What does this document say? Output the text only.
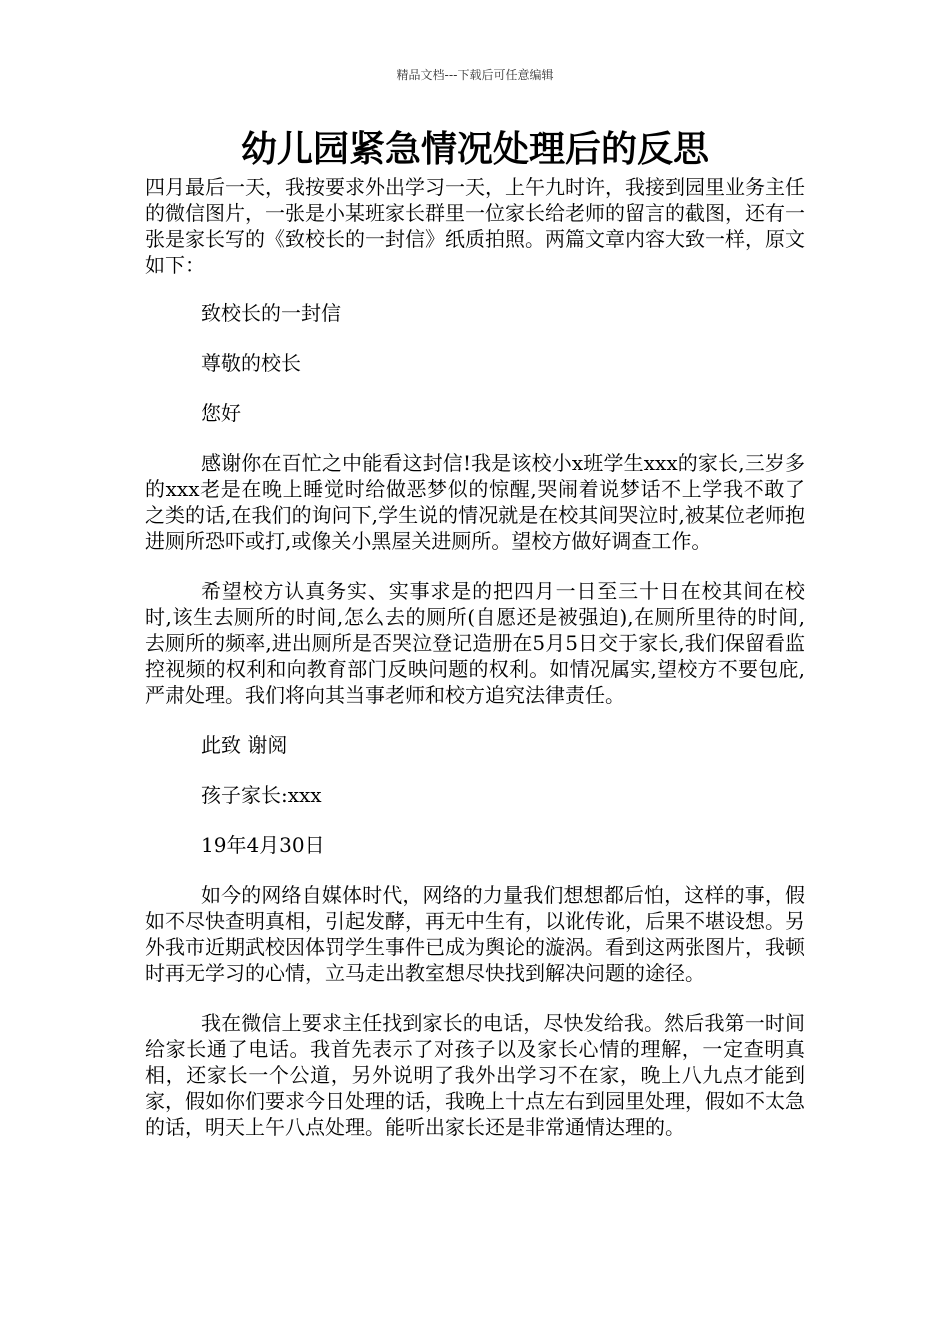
精品文档---下载后可任意编辑
幼儿园紧急情况处理后的反思

四月最后一天，我按要求外出学习一天，上午九时许，我接到园里业务主任的微信图片，一张是小某班家长群里一位家长给老师的留言的截图，还有一张是家长写的《致校长的一封信》纸质拍照。两篇文章内容大致一样，原文如下：

致校长的一封信

尊敬的校长

您好

感谢你在百忙之中能看这封信!我是该校小x班学生xxx的家长,三岁多的xxx老是在晚上睡觉时给做恶梦似的惊醒,哭闹着说梦话不上学我不敢了之类的话,在我们的询问下,学生说的情况就是在校其间哭泣时,被某位老师抱进厕所恐吓或打,或像关小黑屋关进厕所。望校方做好调查工作。

希望校方认真务实、实事求是的把四月一日至三十日在校其间在校时,该生去厕所的时间,怎么去的厕所(自愿还是被强迫),在厕所里待的时间,去厕所的频率,进出厕所是否哭泣登记造册在5月5日交于家长,我们保留看监控视频的权利和向教育部门反映问题的权利。如情况属实,望校方不要包庇,严肃处理。我们将向其当事老师和校方追究法律责任。

此致 谢阅

孩子家长:xxx

19年4月30日

如今的网络自媒体时代，网络的力量我们想想都后怕，这样的事，假如不尽快查明真相，引起发酵，再无中生有，以讹传讹，后果不堪设想。另外我市近期武校因体罚学生事件已成为舆论的漩涡。看到这两张图片，我顿时再无学习的心情，立马走出教室想尽快找到解决问题的途径。

我在微信上要求主任找到家长的电话，尽快发给我。然后我第一时间给家长通了电话。我首先表示了对孩子以及家长心情的理解，一定查明真相，还家长一个公道，另外说明了我外出学习不在家，晚上八九点才能到家，假如你们要求今日处理的话，我晚上十点左右到园里处理，假如不太急的话，明天上午八点处理。能听出家长还是非常通情达理的。
